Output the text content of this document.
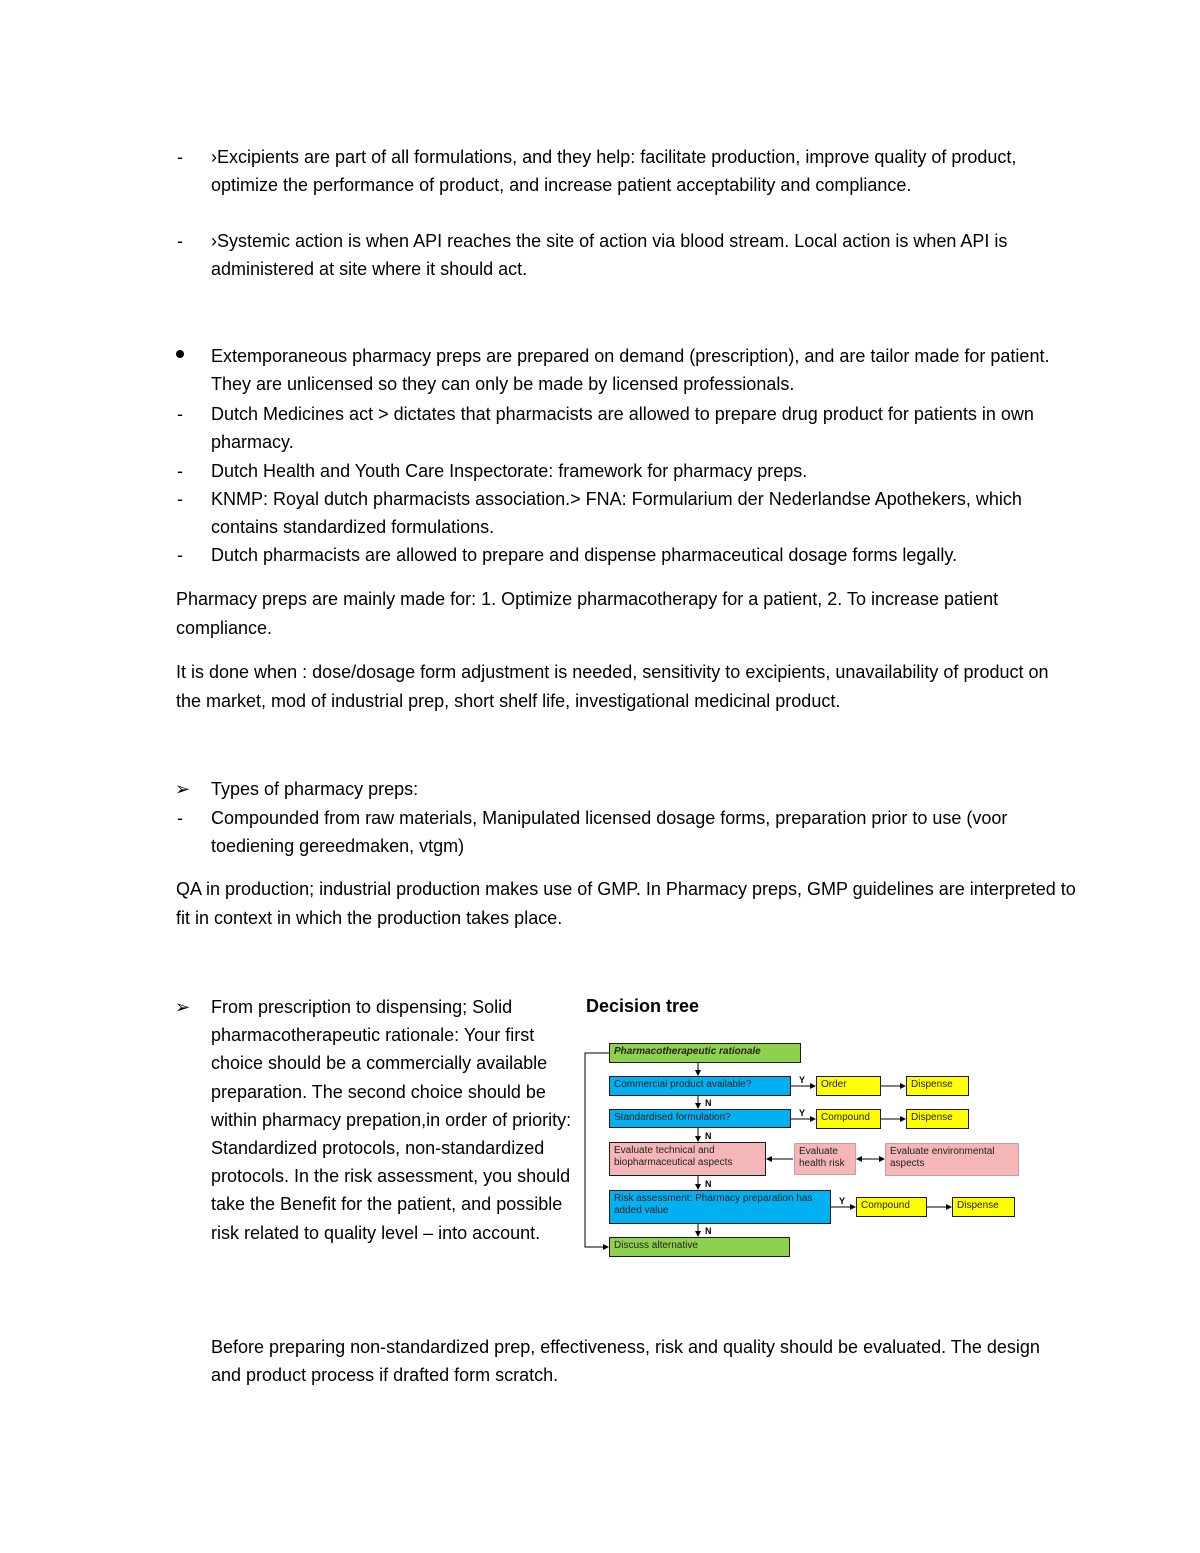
- ›Excipients are part of all formulations, and they help: facilitate production, improve quality of product, optimize the performance of product, and increase patient acceptability and compliance.
- ›Systemic action is when API reaches the site of action via blood stream. Local action is when API is administered at site where it should act.
Extemporaneous pharmacy preps are prepared on demand (prescription), and are tailor made for patient. They are unlicensed so they can only be made by licensed professionals.
- Dutch Medicines act > dictates that pharmacists are allowed to prepare drug product for patients in own pharmacy.
- Dutch Health and Youth Care Inspectorate: framework for pharmacy preps.
- KNMP: Royal dutch pharmacists association.> FNA: Formularium der Nederlandse Apothekers, which contains standardized formulations.
- Dutch pharmacists are allowed to prepare and dispense pharmaceutical dosage forms legally.
Pharmacy preps are mainly made for: 1. Optimize pharmacotherapy for a patient, 2. To increase patient compliance.
It is done when : dose/dosage form adjustment is needed, sensitivity to excipients, unavailability of product on the market, mod of industrial prep, short shelf life, investigational medicinal product.
➢ Types of pharmacy preps:
- Compounded from raw materials, Manipulated licensed dosage forms, preparation prior to use (voor toediening gereedmaken, vtgm)
QA in production; industrial production makes use of GMP. In Pharmacy preps, GMP guidelines are interpreted to fit in context in which the production takes place.
➢ From prescription to dispensing; Solid pharmacotherapeutic rationale: Your first choice should be a commercially available preparation. The second choice should be within pharmacy prepation,in order of priority: Standardized protocols, non-standardized protocols. In the risk assessment, you should take the Benefit for the patient, and possible risk related to quality level – into account.
Before preparing non-standardized prep, effectiveness, risk and quality should be evaluated. The design and product process if drafted form scratch.
Decision tree
Pharmacotherapeutic rationale
Commercial product available?	Y	Order	Dispense
N
Standardised formulation?	Y	Compound	Dispense
N
Evaluate technical and biopharmaceutical aspects
Evaluate health risk
Evaluate environmental aspects
N
Risk assessment: Pharmacy preparation has added value
Y	Compound	Dispense
N
Discuss alternative
